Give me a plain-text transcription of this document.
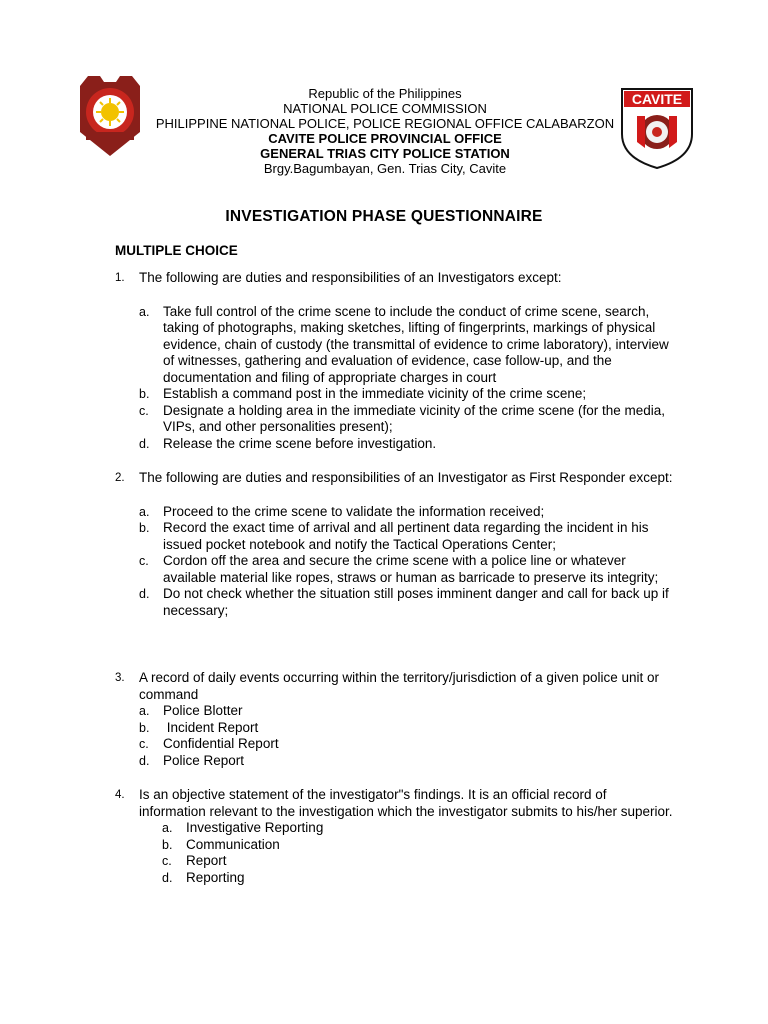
Republic of the Philippines
NATIONAL POLICE COMMISSION
PHILIPPINE NATIONAL POLICE, POLICE REGIONAL OFFICE CALABARZON
CAVITE POLICE PROVINCIAL OFFICE
GENERAL TRIAS CITY POLICE STATION
Brgy.Bagumbayan, Gen. Trias City, Cavite
CAVITE
INVESTIGATION PHASE QUESTIONNAIRE
MULTIPLE CHOICE
1. The following are duties and responsibilities of an Investigators except:
a. Take full control of the crime scene to include the conduct of crime scene, search, taking of photographs, making sketches, lifting of fingerprints, markings of physical evidence, chain of custody (the transmittal of evidence to crime laboratory), interview of witnesses, gathering and evaluation of evidence, case follow-up, and the documentation and filing of appropriate charges in court
b. Establish a command post in the immediate vicinity of the crime scene;
c. Designate a holding area in the immediate vicinity of the crime scene (for the media, VIPs, and other personalities present);
d. Release the crime scene before investigation.
2. The following are duties and responsibilities of an Investigator as First Responder except:
a. Proceed to the crime scene to validate the information received;
b. Record the exact time of arrival and all pertinent data regarding the incident in his issued pocket notebook and notify the Tactical Operations Center;
c. Cordon off the area and secure the crime scene with a police line or whatever available material like ropes, straws or human as barricade to preserve its integrity;
d. Do not check whether the situation still poses imminent danger and call for back up if necessary;
3. A record of daily events occurring within the territory/jurisdiction of a given police unit or command
a. Police Blotter
b. Incident Report
c. Confidential Report
d. Police Report
4. Is an objective statement of the investigator"s findings. It is an official record of information relevant to the investigation which the investigator submits to his/her superior.
a. Investigative Reporting
b. Communication
c. Report
d. Reporting
